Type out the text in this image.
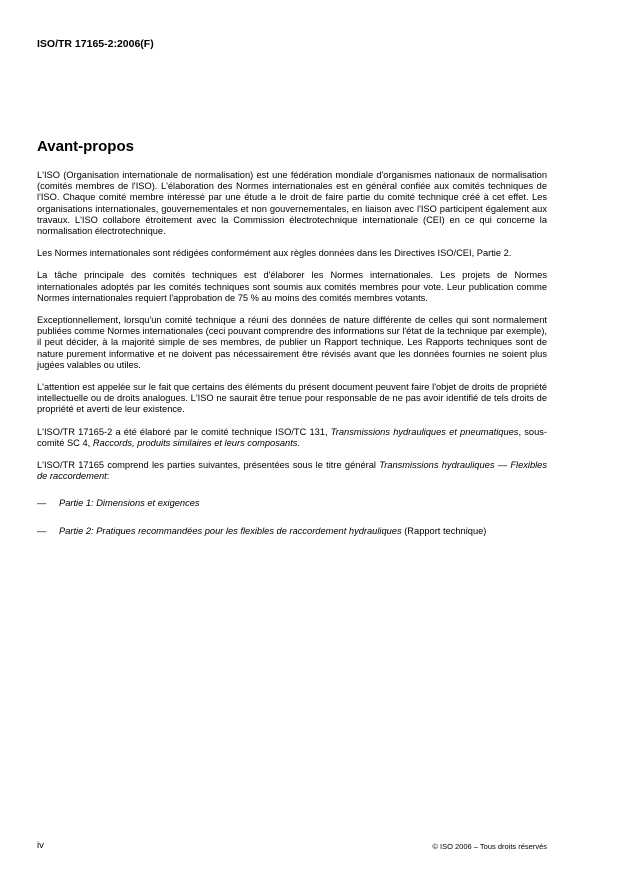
ISO/TR 17165-2:2006(F)
Avant-propos

L'ISO (Organisation internationale de normalisation) est une fédération mondiale d'organismes nationaux de normalisation (comités membres de l'ISO). L'élaboration des Normes internationales est en général confiée aux comités techniques de l'ISO. Chaque comité membre intéressé par une étude a le droit de faire partie du comité technique créé à cet effet. Les organisations internationales, gouvernementales et non gouvernementales, en liaison avec l'ISO participent également aux travaux. L'ISO collabore étroitement avec la Commission électrotechnique internationale (CEI) en ce qui concerne la normalisation électrotechnique.

Les Normes internationales sont rédigées conformément aux règles données dans les Directives ISO/CEI, Partie 2.

La tâche principale des comités techniques est d'élaborer les Normes internationales. Les projets de Normes internationales adoptés par les comités techniques sont soumis aux comités membres pour vote. Leur publication comme Normes internationales requiert l'approbation de 75 % au moins des comités membres votants.

Exceptionnellement, lorsqu'un comité technique a réuni des données de nature différente de celles qui sont normalement publiées comme Normes internationales (ceci pouvant comprendre des informations sur l'état de la technique par exemple), il peut décider, à la majorité simple de ses membres, de publier un Rapport technique. Les Rapports techniques sont de nature purement informative et ne doivent pas nécessairement être révisés avant que les données fournies ne soient plus jugées valables ou utiles.

L'attention est appelée sur le fait que certains des éléments du présent document peuvent faire l'objet de droits de propriété intellectuelle ou de droits analogues. L'ISO ne saurait être tenue pour responsable de ne pas avoir identifié de tels droits de propriété et averti de leur existence.

L'ISO/TR 17165-2 a été élaboré par le comité technique ISO/TC 131, Transmissions hydrauliques et pneumatiques, sous-comité SC 4, Raccords, produits similaires et leurs composants.

L'ISO/TR 17165 comprend les parties suivantes, présentées sous le titre général Transmissions hydrauliques — Flexibles de raccordement:

—	Partie 1: Dimensions et exigences
—	Partie 2: Pratiques recommandées pour les flexibles de raccordement hydrauliques (Rapport technique)
iv	© ISO 2006 – Tous droits réservés
